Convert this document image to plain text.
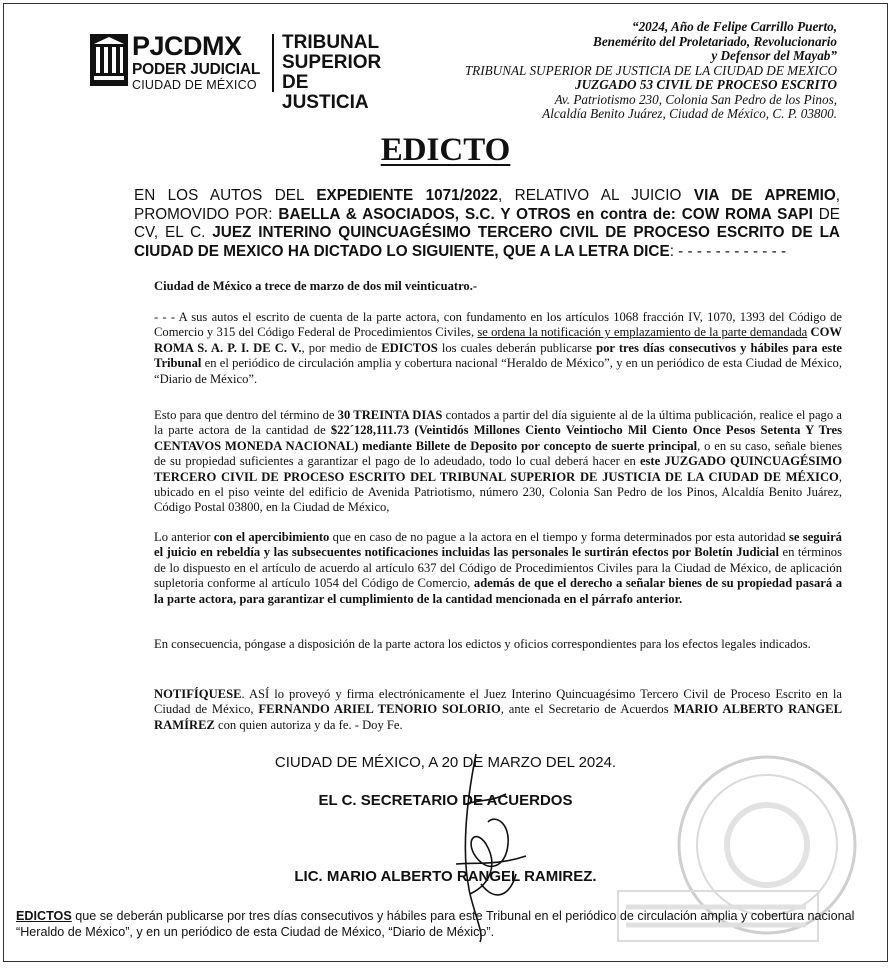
PJCDMX
PODER JUDICIAL
CIUDAD DE MÉXICO
TRIBUNAL
SUPERIOR DE
JUSTICIA
“2024, Año de Felipe Carrillo Puerto,
Benemérito del Proletariado, Revolucionario
y Defensor del Mayab”
TRIBUNAL SUPERIOR DE JUSTICIA DE LA CIUDAD DE MEXICO
JUZGADO 53 CIVIL DE PROCESO ESCRITO
Av. Patriotismo 230, Colonia San Pedro de los Pinos,
Alcaldía Benito Juárez, Ciudad de México, C. P. 03800.
EDICTO
EN LOS AUTOS DEL EXPEDIENTE 1071/2022, RELATIVO AL JUICIO VIA DE APREMIO, PROMOVIDO POR: BAELLA & ASOCIADOS, S.C. Y OTROS en contra de: COW ROMA SAPI DE CV, EL C. JUEZ INTERINO QUINCUAGÉSIMO TERCERO CIVIL DE PROCESO ESCRITO DE LA CIUDAD DE MEXICO HA DICTADO LO SIGUIENTE, QUE A LA LETRA DICE: - - - - - - - - - - - -
Ciudad de México a trece de marzo de dos mil veinticuatro.-
- - - A sus autos el escrito de cuenta de la parte actora, con fundamento en los artículos 1068 fracción IV, 1070, 1393 del Código de Comercio y 315 del Código Federal de Procedimientos Civiles, se ordena la notificación y emplazamiento de la parte demandada COW ROMA S. A. P. I. DE C. V., por medio de EDICTOS los cuales deberán publicarse por tres días consecutivos y hábiles para este Tribunal en el periódico de circulación amplia y cobertura nacional “Heraldo de México”, y en un periódico de esta Ciudad de México, “Diario de México”.
Esto para que dentro del término de 30 TREINTA DIAS contados a partir del día siguiente al de la última publicación, realice el pago a la parte actora de la cantidad de $22´128,111.73 (Veintidós Millones Ciento Veintiocho Mil Ciento Once Pesos Setenta Y Tres CENTAVOS MONEDA NACIONAL) mediante Billete de Deposito por concepto de suerte principal, o en su caso, señale bienes de su propiedad suficientes a garantizar el pago de lo adeudado, todo lo cual deberá hacer en este JUZGADO QUINCUAGÉSIMO TERCERO CIVIL DE PROCESO ESCRITO DEL TRIBUNAL SUPERIOR DE JUSTICIA DE LA CIUDAD DE MÉXICO, ubicado en el piso veinte del edificio de Avenida Patriotismo, número 230, Colonia San Pedro de los Pinos, Alcaldía Benito Juárez, Código Postal 03800, en la Ciudad de México,
Lo anterior con el apercibimiento que en caso de no pague a la actora en el tiempo y forma determinados por esta autoridad se seguirá el juicio en rebeldía y las subsecuentes notificaciones incluidas las personales le surtirán efectos por Boletín Judicial en términos de lo dispuesto en el artículo de acuerdo al artículo 637 del Código de Procedimientos Civiles para la Ciudad de México, de aplicación supletoria conforme al artículo 1054 del Código de Comercio, además de que el derecho a señalar bienes de su propiedad pasará a la parte actora, para garantizar el cumplimiento de la cantidad mencionada en el párrafo anterior.
En consecuencia, póngase a disposición de la parte actora los edictos y oficios correspondientes para los efectos legales indicados.
NOTIFÍQUESE. ASÍ lo proveyó y firma electrónicamente el Juez Interino Quincuagésimo Tercero Civil de Proceso Escrito en la Ciudad de México, FERNANDO ARIEL TENORIO SOLORIO, ante el Secretario de Acuerdos MARIO ALBERTO RANGEL RAMÍREZ con quien autoriza y da fe. - Doy Fe.
CIUDAD DE MÉXICO, A 20 DE MARZO DEL 2024.
EL C. SECRETARIO DE ACUERDOS
LIC. MARIO ALBERTO RANGEL RAMIREZ.
EDICTOS que se deberán publicarse por tres días consecutivos y hábiles para este Tribunal en el periódico de circulación amplia y cobertura nacional “Heraldo de México”, y en un periódico de esta Ciudad de México, “Diario de México”.
